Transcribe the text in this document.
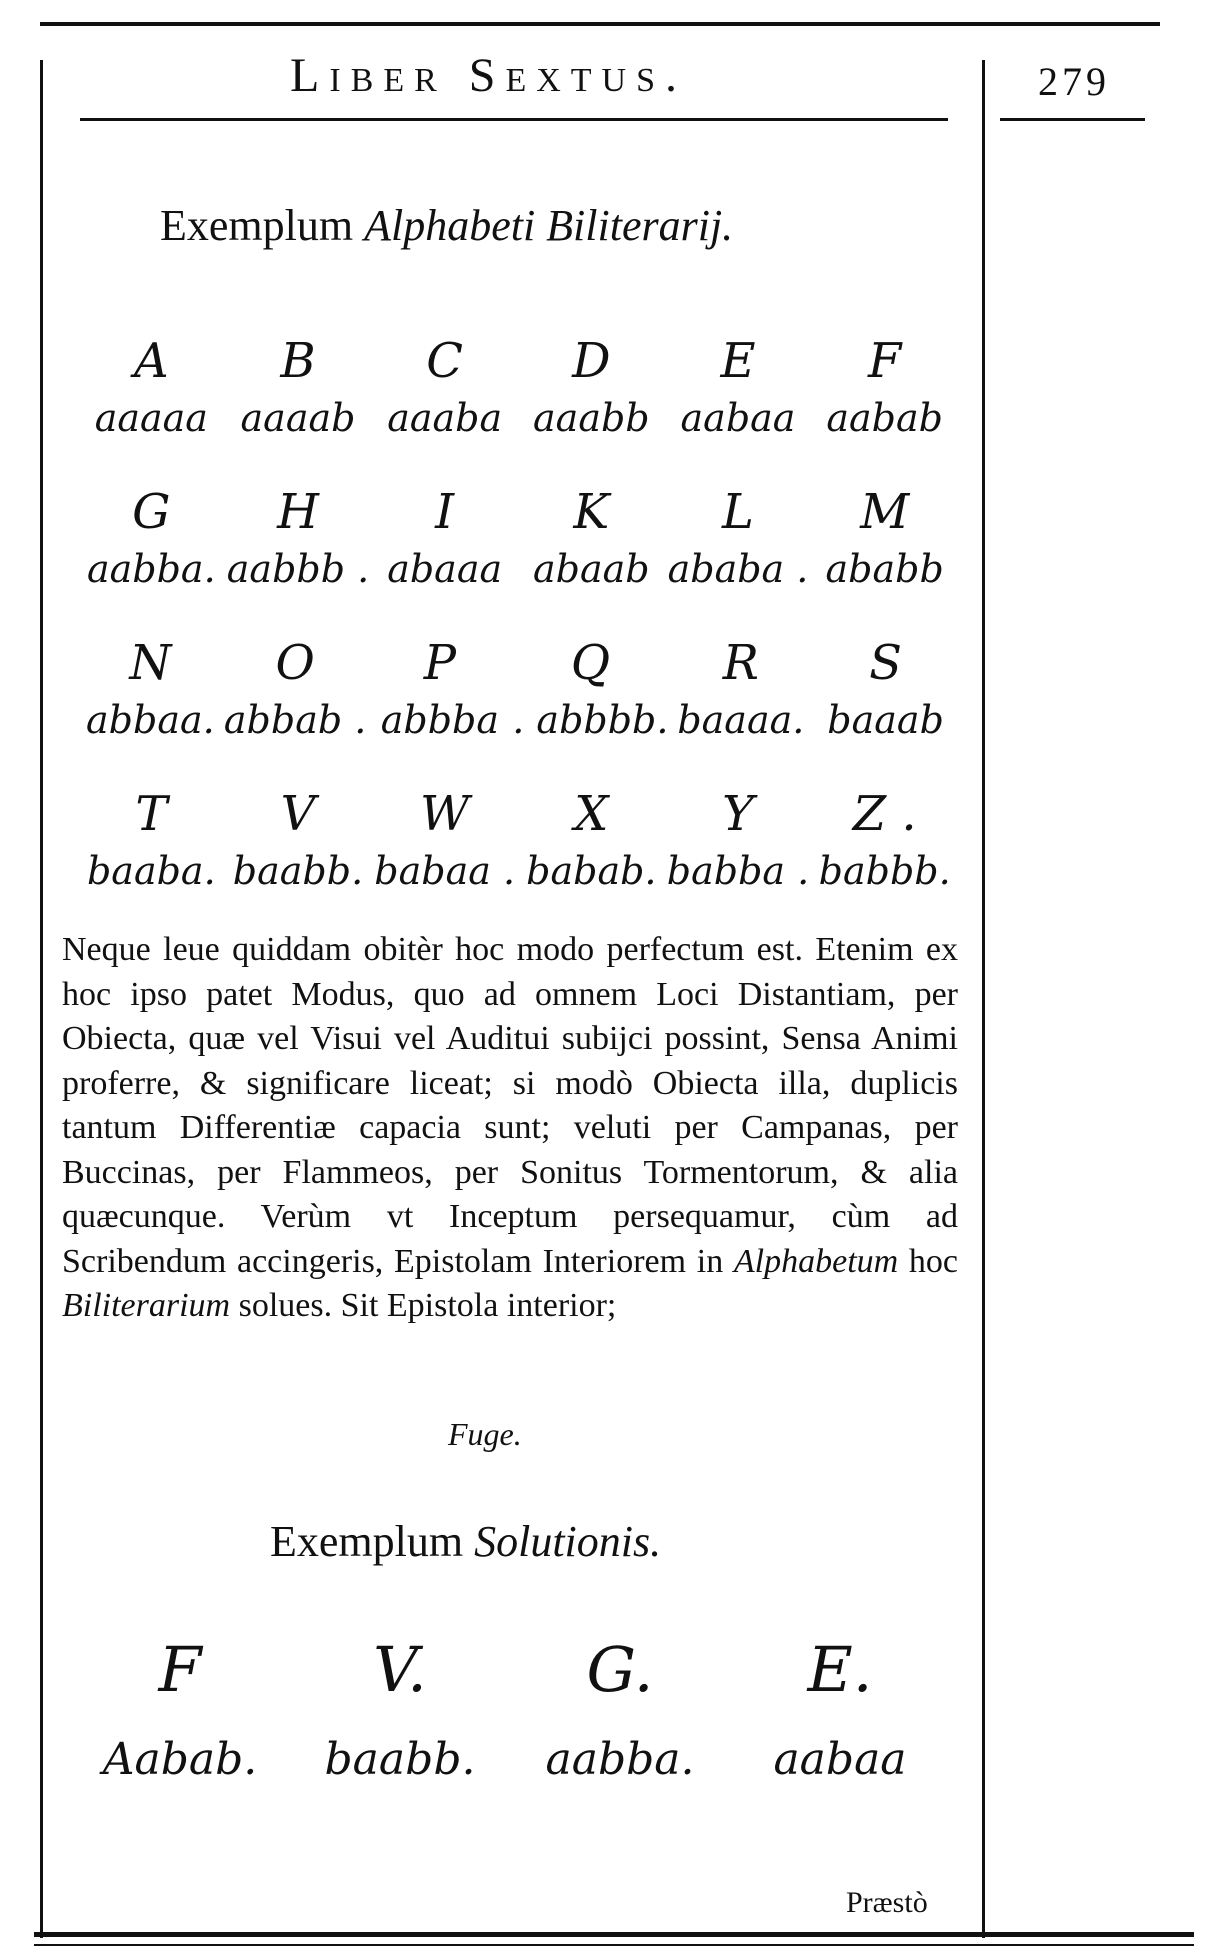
Liber Sextus.	279
Exemplum Alphabeti Biliterarij.
A
aaaaa
B
aaaab
C
aaaba
D
aaabb
E
aabaa
F
aabab
G
aabba.
H
aabbb .
I
abaaa
K
abaab
L
ababa .
M
ababb
N
abbaa.
O
abbab .
P
abbba
Q
. abbbb.
R
baaaa.
S
baaab
T
baaba.
V
baabb.
W
babaa .
X
babab.
Y
babba .
Z .
babbb.

Neque leue quiddam obitèr hoc modo perfectum est. Etenim ex hoc ipso patet Modus, quo ad omnem Loci Distantiam, per Obiecta, quæ vel Visui vel Auditui subijci possint, Sensa Animi proferre, & significare liceat; si modò Obiecta illa, duplicis tantum Differentiæ capacia sunt; veluti per Campanas, per Buccinas, per Flammeos, per Sonitus Tormentorum, & alia quæcunque. Verùm vt Inceptum persequamur, cùm ad Scribendum accingeris, Epistolam Interiorem in Alphabetum hoc Biliterarium solues. Sit Epistola interior;

Fuge.
Exemplum Solutionis.
F
Aabab.
V.
baabb.
G.
aabba.
E.
aabaa
Præstò
